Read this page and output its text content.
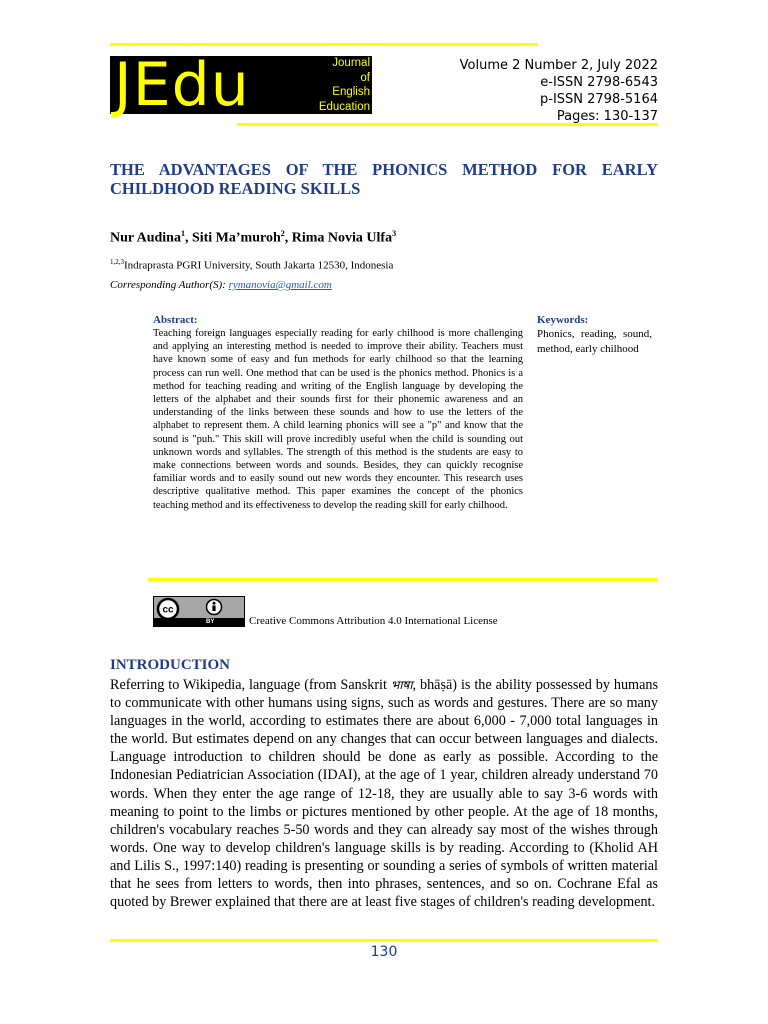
JEdu	Journal
of
English
Education
Volume 2 Number 2, July 2022
e-ISSN 2798-6543
p-ISSN 2798-5164
Pages: 130-137
THE ADVANTAGES OF THE PHONICS METHOD FOR EARLY CHILDHOOD READING SKILLS

Nur Audina$^1$, Siti Ma’muroh$^2$, Rima Novia Ulfa$^3$

$^{1,2,3}$Indraprasta PGRI University, South Jakarta 12530, Indonesia
Corresponding Author(S): rymanovia@gmail.com
Abstract:

Teaching foreign languages especially reading for early chilhood is more challenging and applying an interesting method is needed to improve their ability. Teachers must have known some of easy and fun methods for early chilhood so that the learning process can run well. One method that can be used is the phonics method. Phonics is a method for teaching reading and writing of the English language by developing the letters of the alphabet and their sounds first for their phonemic awareness and an understanding of the links between these sounds and how to use the letters of the alphabet to represent them. A child learning phonics will see a "p" and know that the sound is "puh." This skill will prove incredibly useful when the child is sounding out unknown words and syllables. The strength of this method is the students are easy to make connections between words and sounds. Besides, they can quickly recognise familiar words and to easily sound out new words they encounter. This research uses descriptive qualitative method. This paper examines the concept of the phonics teaching method and its effectiveness to develop the reading skill for early chilhood.

Keywords:

Phonics, reading, sound, method, early chilhood

cc
BY	Creative Commons Attribution 4.0 International License
INTRODUCTION

Referring to Wikipedia, language (from Sanskrit भाषा, bhāṣā) is the ability possessed by humans to communicate with other humans using signs, such as words and gestures. There are so many languages in the world, according to estimates there are about 6,000 - 7,000 total languages in the world. But estimates depend on any changes that can occur between languages and dialects. Language introduction to children should be done as early as possible. According to the Indonesian Pediatrician Association (IDAI), at the age of 1 year, children already understand 70 words. When they enter the age range of 12-18, they are usually able to say 3-6 words with meaning to point to the limbs or pictures mentioned by other people. At the age of 18 months, children's vocabulary reaches 5-50 words and they can already say most of the wishes through words. One way to develop children's language skills is by reading. According to (Kholid AH and Lilis S., 1997:140) reading is presenting or sounding a series of symbols of written material that he sees from letters to words, then into phrases, sentences, and so on. Cochrane Efal as quoted by Brewer explained that there are at least five stages of children's reading development.

130
